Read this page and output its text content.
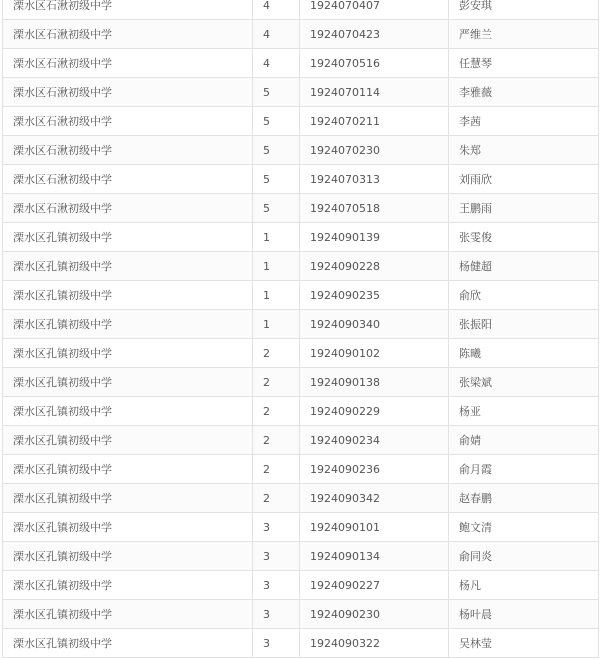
溧水区石湫初级中学	4	1924070407	彭安琪
溧水区石湫初级中学	4	1924070423	严维兰
溧水区石湫初级中学	4	1924070516	任慧琴
溧水区石湫初级中学	5	1924070114	李雅薇
溧水区石湫初级中学	5	1924070211	李茜
溧水区石湫初级中学	5	1924070230	朱郑
溧水区石湫初级中学	5	1924070313	刘雨欣
溧水区石湫初级中学	5	1924070518	王鹏雨
溧水区孔镇初级中学	1	1924090139	张雯俊
溧水区孔镇初级中学	1	1924090228	杨健超
溧水区孔镇初级中学	1	1924090235	俞欣
溧水区孔镇初级中学	1	1924090340	张振阳
溧水区孔镇初级中学	2	1924090102	陈曦
溧水区孔镇初级中学	2	1924090138	张梁斌
溧水区孔镇初级中学	2	1924090229	杨亚
溧水区孔镇初级中学	2	1924090234	俞婧
溧水区孔镇初级中学	2	1924090236	俞月霞
溧水区孔镇初级中学	2	1924090342	赵春鹏
溧水区孔镇初级中学	3	1924090101	鲍文清
溧水区孔镇初级中学	3	1924090134	俞同炎
溧水区孔镇初级中学	3	1924090227	杨凡
溧水区孔镇初级中学	3	1924090230	杨叶晨
溧水区孔镇初级中学	3	1924090322	吴林莹
